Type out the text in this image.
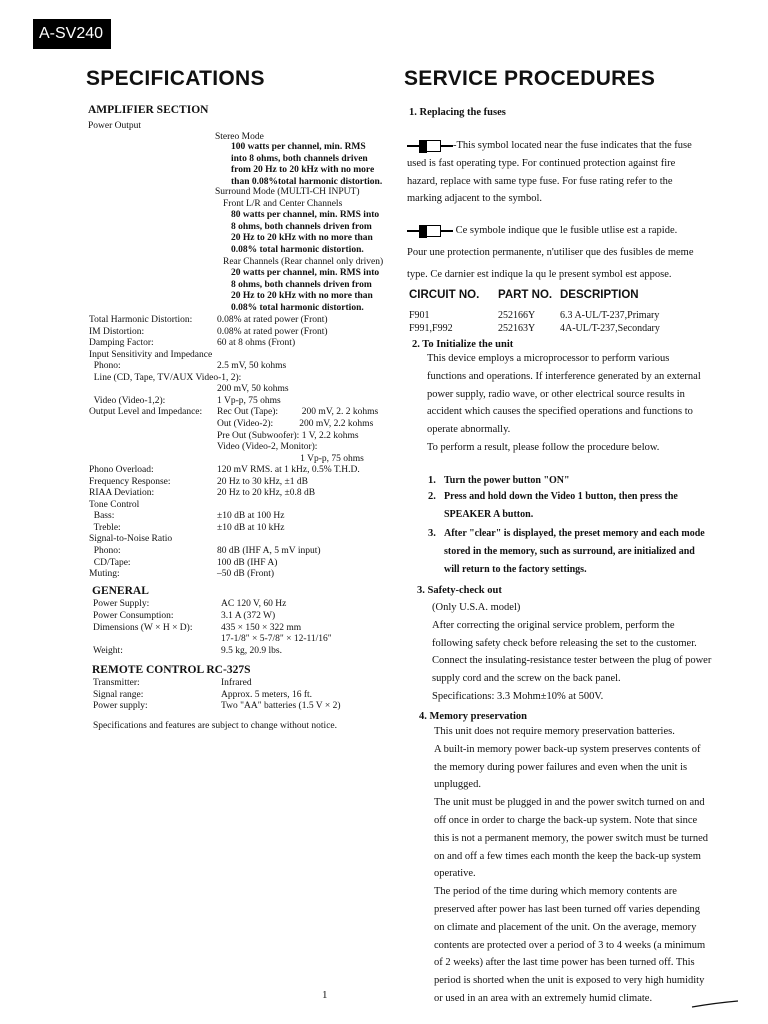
A-SV240
SPECIFICATIONS	SERVICE PROCEDURES
AMPLIFIER SECTION
Power Output
Stereo Mode
100 watts per channel, min. RMS
into 8 ohms, both channels driven
from 20 Hz to 20 kHz with no more
than 0.08%total harmonic distortion.
Surround Mode (MULTI-CH INPUT)
Front L/R and Center Channels
80 watts per channel, min. RMS into
8 ohms, both channels driven from
20 Hz to 20 kHz with no more than
0.08% total harmonic distortion.
Rear Channels (Rear channel only driven)
20 watts per channel, min. RMS into
8 ohms, both channels driven from
20 Hz to 20 kHz with no more than
0.08% total harmonic distortion.
Total Harmonic Distortion:	0.08% at rated power (Front)
IM Distortion:	0.08% at rated power (Front)
Damping Factor:	60 at 8 ohms (Front)
Input Sensitivity and Impedance
Phono:	2.5 mV, 50 kohms
Line (CD, Tape, TV/AUX Video-1, 2):
200 mV, 50 kohms
Video (Video-1,2):	1 Vp-p, 75 ohms
Output Level and Impedance: Rec Out (Tape):          200 mV, 2. 2 kohms
Out (Video-2):           200 mV, 2.2 kohms
Pre Out (Subwoofer): 1 V, 2.2 kohms
Video (Video-2, Monitor):
1 Vp-p, 75 ohms
Phono Overload:	120 mV RMS. at 1 kHz, 0.5% T.H.D.
Frequency Response:	20 Hz to 30 kHz, ±1 dB
RIAA Deviation:	20 Hz to 20 kHz, ±0.8 dB
Tone Control
Bass:	±10 dB at 100 Hz
Treble:	±10 dB at 10 kHz
Signal-to-Noise Ratio
Phono:	80 dB (IHF A, 5 mV input)
CD/Tape:	100 dB (IHF A)
Muting:	–50 dB (Front)
GENERAL
Power Supply:	AC 120 V, 60 Hz
Power Consumption:	3.1 A (372 W)
Dimensions (W × H × D):	435 × 150 × 322 mm
17-1/8" × 5-7/8" × 12-11/16"
Weight:	9.5 kg, 20.9 lbs.
REMOTE CONTROL RC-327S
Transmitter:	Infrared
Signal range:	Approx. 5 meters, 16 ft.
Power supply:	Two "AA" batteries (1.5 V × 2)
Specifications and features are subject to change without notice.
1
1. Replacing the fuses
-This symbol located near the fuse indicates that the fuse
used is fast operating type. For continued protection against fire
hazard, replace with same type fuse. For fuse rating refer to the
marking adjacent to the symbol.
Ce symbole indique que le fusible utlise est a rapide.
Pour une protection permanente, n'utiliser que des fusibles de meme
type. Ce darnier est indique la qu le present symbol est appose.
CIRCUIT NO. PART NO. DESCRIPTION
F901	252166Y 6.3 A-UL/T-237,Primary
F991,F992	252163Y 4A-UL/T-237,Secondary
2. To Initialize the unit
This device employs a microprocessor to perform various
functions and operations. If interference generated by an external
power supply, radio wave, or other electrical source results in
accident which causes the specified operations and functions to
operate abnormally.
To perform a result, please follow the procedure below.
1. Turn the power button "ON"
2. Press and hold down the Video 1 button, then press the
SPEAKER A button.
3. After "clear" is displayed, the preset memory and each mode
stored in the memory, such as surround, are initialized and
will return to the factory settings.
3. Safety-check out
(Only U.S.A. model)
After correcting the original service problem, perform the
following safety check before releasing the set to the customer.
Connect the insulating-resistance tester between the plug of power
supply cord and the screw on the back panel.
Specifications: 3.3 Mohm±10% at 500V.
4. Memory preservation
This unit does not require memory preservation batteries.
A built-in memory power back-up system preserves contents of
the memory during power failures and even when the unit is
unplugged.
The unit must be plugged in and the power switch turned on and
off once in order to charge the back-up system. Note that since
this is not a permanent memory, the power switch must be turned
on and off a few times each month the keep the back-up system
operative.
The period of the time during which memory contents are
preserved after power has last been turned off varies depending
on climate and placement of the unit. On the average, memory
contents are protected over a period of 3 to 4 weeks (a minimum
of 2 weeks) after the last time power has been turned off. This
period is shorted when the unit is exposed to very high humidity
or used in an area with an extremely humid climate.
